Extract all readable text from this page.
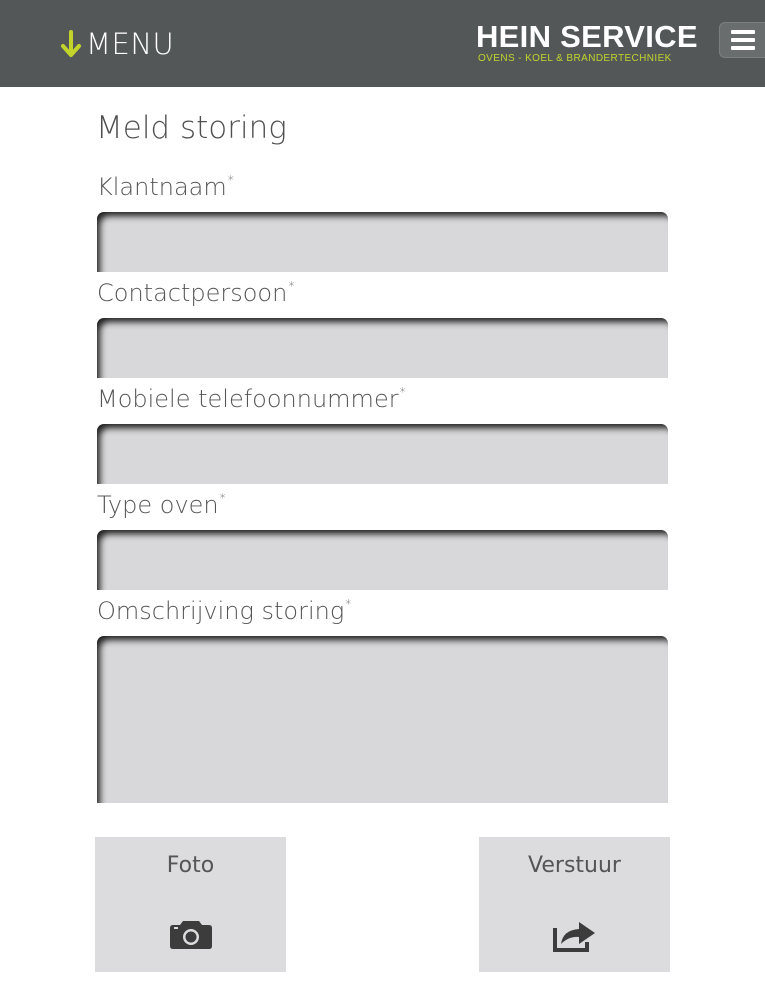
MENU	HEIN SERVICE
OVENS - KOEL & BRANDERTECHNIEK
Meld storing
Klantnaam*
Contactpersoon*
Mobiele telefoonnummer*
Type oven*
Omschrijving storing*
Foto	Verstuur
